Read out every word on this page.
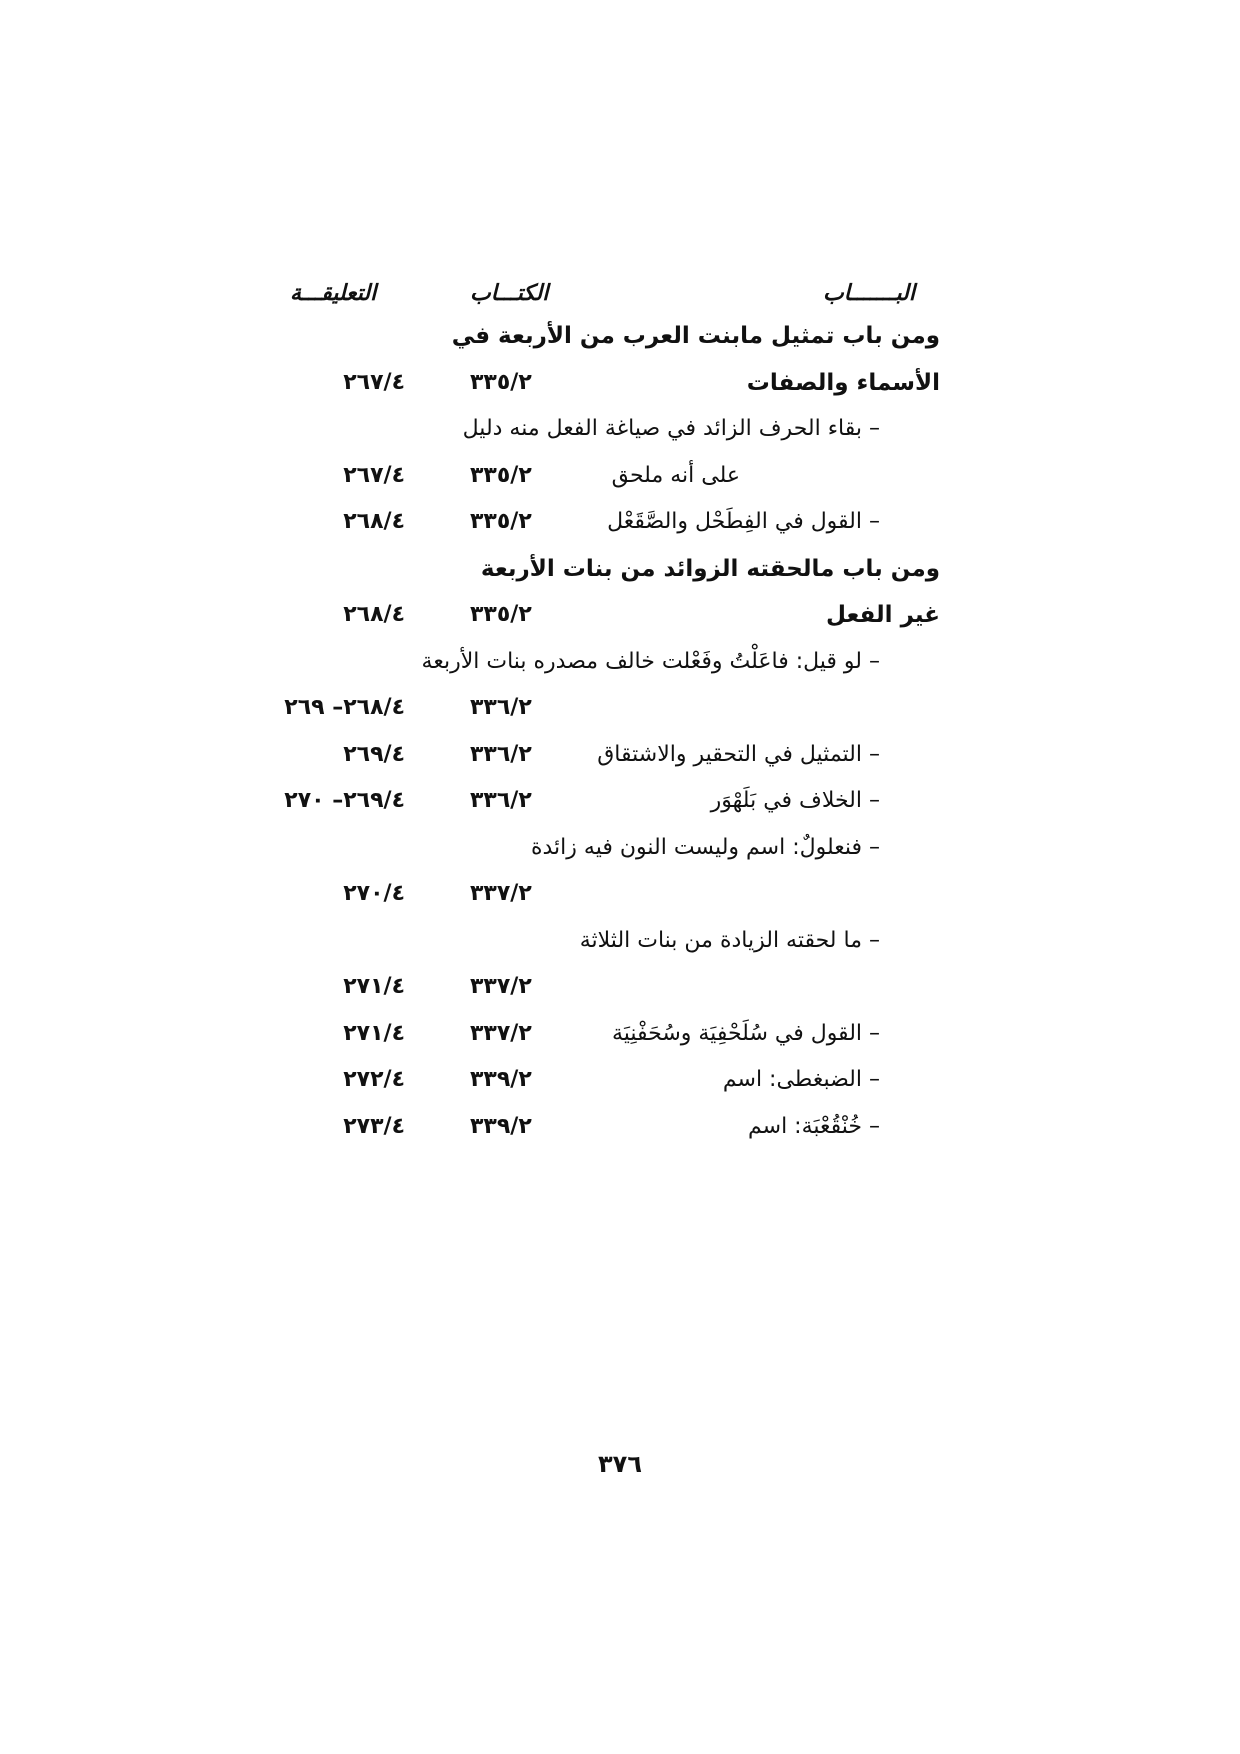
البـــــــاب
الكتـــاب
التعليقـــة
ومن باب تمثيل مابنت العرب من الأربعة في
الأسماء والصفات
٣٣٥/٢
٢٦٧/٤
– بقاء الحرف الزائد في صياغة الفعل منه دليل
على أنه ملحق
٣٣٥/٢
٢٦٧/٤
– القول في الفِطَحْل والصَّقَعْل
٣٣٥/٢
٢٦٨/٤
ومن باب مالحقته الزوائد من بنات الأربعة
غير الفعل
٣٣٥/٢
٢٦٨/٤
– لو قيل: فاعَلْتُ وفَعْلت خالف مصدره بنات الأربعة
٣٣٦/٢
٢٦٨/٤– ٢٦٩
– التمثيل في التحقير والاشتقاق
٣٣٦/٢
٢٦٩/٤
– الخلاف في بَلَهْوَر
٣٣٦/٢
٢٦٩/٤– ٢٧٠
– فنعلولٌ: اسم وليست النون فيه زائدة
٣٣٧/٢
٢٧٠/٤
– ما لحقته الزيادة من بنات الثلاثة
٣٣٧/٢
٢٧١/٤
– القول في سُلَحْفِيَة وسُحَفْنِيَة
٣٣٧/٢
٢٧١/٤
– الضبغطى: اسم
٣٣٩/٢
٢٧٢/٤
– خُنْقُعْبَة: اسم
٣٣٩/٢
٢٧٣/٤
٣٧٦
